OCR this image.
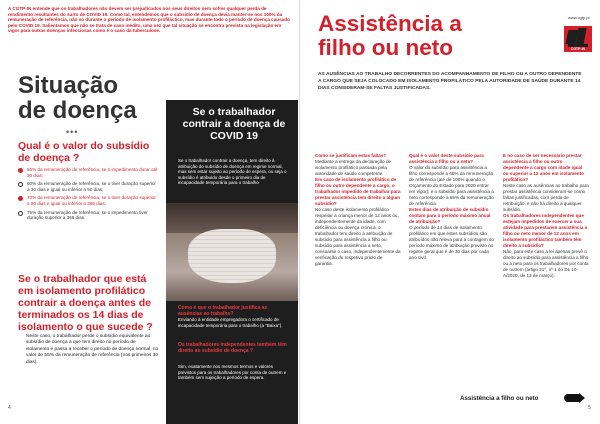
A CGTP-IN entende que os trabalhadores não devem ser prejudicados nos seus direitos nem sofrer qualquer perda de rendimento resultantes do surto de COVID 19. Como tal, entendemos que o subsídio de doença devia manter-se nos 100% da remuneração de referência, não só durante o período de isolamento profiláctico, mas durante todo o período de doença causado pelo COVID 19. Salientamos que não se trata de caso inédito, uma vez que tal situação se encontra prevista na legislação em vigor para outras doenças infecciosas como é o caso da tuberculose.
Situação
de doença
•••
Qual é o valor do subsídio de doença ?
55% da remuneração de referência, se o impedimento durar até 30 dias;
60% da remuneração de referência, se o tiver duração superior a 30 dias e igual ou inferior a 90 dias;
70% da remuneração de referência, se o tiver duração superior a 90 dias e igual ou inferior a 365 dias;
75% da remuneração de referência, se o impedimento tiver duração superior a 365 dias.
Se o trabalhador que está em isolamento profilático contrair a doença antes de terminados os 14 dias de isolamento o que sucede ?
Neste caso, o trabalhador perde o subsídio equivalente ao subsídio de doença a que tem direito no período de isolamento e passa a receber o período de doença normal, no valor de 55% da remuneração de referência (nos primeiros 30 dias).
Se o trabalhador contrair a doença de COVID 19
Se o trabalhador contrair a doença, tem direito à atribuição do subsídio de doença em regime normal, mas sem estar sujeito ao período de espera, ou seja o subsídio é atribuído desde o primeiro dia de incapacidade temporária para o trabalho
Como é que o trabalhador justifica as ausências ao trabalho?
Enviando à entidade empregadora o certificado de incapacidade temporária para o trabalho (a "Baixa").
Os trabalhadores independentes também têm direito ao subsídio de doença ?
Sim, exatamente nos mesmos termos e valores previstos para os trabalhadores por conta de outrem e também sem sujeição a período de espera.
4
Assistência a
filho ou neto
www.cgtp.pt
CGTP-IN
AS AUSÊNCIAS AO TRABALHO DECORRENTES DO ACOMPANHAMENTO DE FILHO OU A OUTRO DEPENDENTE A CARGO QUE SEJA COLOCADO EM ISOLAMENTO PROFILÁTICO PELA AUTORIDADE DE SAÚDE DURANTE 14 DIAS CONSIDERAM-SE FALTAS JUSTIFICADAS.
Como se justificam estas faltas?
Mediante a entrega da declaração de isolamento profilático passada pela autoridade de saúde competente.
Em caso de isolamento profilático de filho ou outro dependente a cargo, o trabalhador impedido de trabalhar para prestar assistência tem direito a algum subsídio?
No caso deste isolamento profilático respeitar a criança menor de 12 anos ou, independentemente da idade, com deficiência ou doença crónica, o trabalhador tem direito à atribuição de subsídio para assistência a filho ou subsídio para assistência a neto, consoante o caso, independentemente da verificação do respetivo prazo de garantia.
Qual é o valor deste subsídio para assistência a filho ou a neto?
O valor do subsídio para assistência a filho corresponde a 65% da remuneração de referência (até de 100% quando o Orçamento do Estado para 2020 entrar em vigor); e o subsídio para assistência a neto corresponde a 65% da remuneração de referência.
Estes dias de atribuição de subsídio contam para o período máximo anual de atribuição?
O período de 14 dias de isolamento profilático em que estes subsídios são atribuídos não releva para a contagem do período máximo de atribuição previsto no regime geral que é de 30 dias por cada ano civil.
E no caso de ser necessário prestar assistência a filho ou outro dependente a cargo com idade igual ou superior a 12 anos em isolamento profilático?
Neste caso as ausências ao trabalho para prestar assistência consideram-se como faltas justificadas, com perda de retribuição, e não há direito a qualquer subsídio.
Os trabalhadores independentes que estejam impedidos de exercer a sua atividade para prestarem assistência a filho ou neto menor de 12 anos em isolamento profiláctico também têm direito a subsídio?
Não, para este caso a lei apenas prevê o direito ao subsídio para assistência a filho ou a neto para os trabalhadores por conta de outrem (artigo 21º, nº 1 do DL 10-A/2020, de 13 de março).
Assistência a filho ou neto
5
